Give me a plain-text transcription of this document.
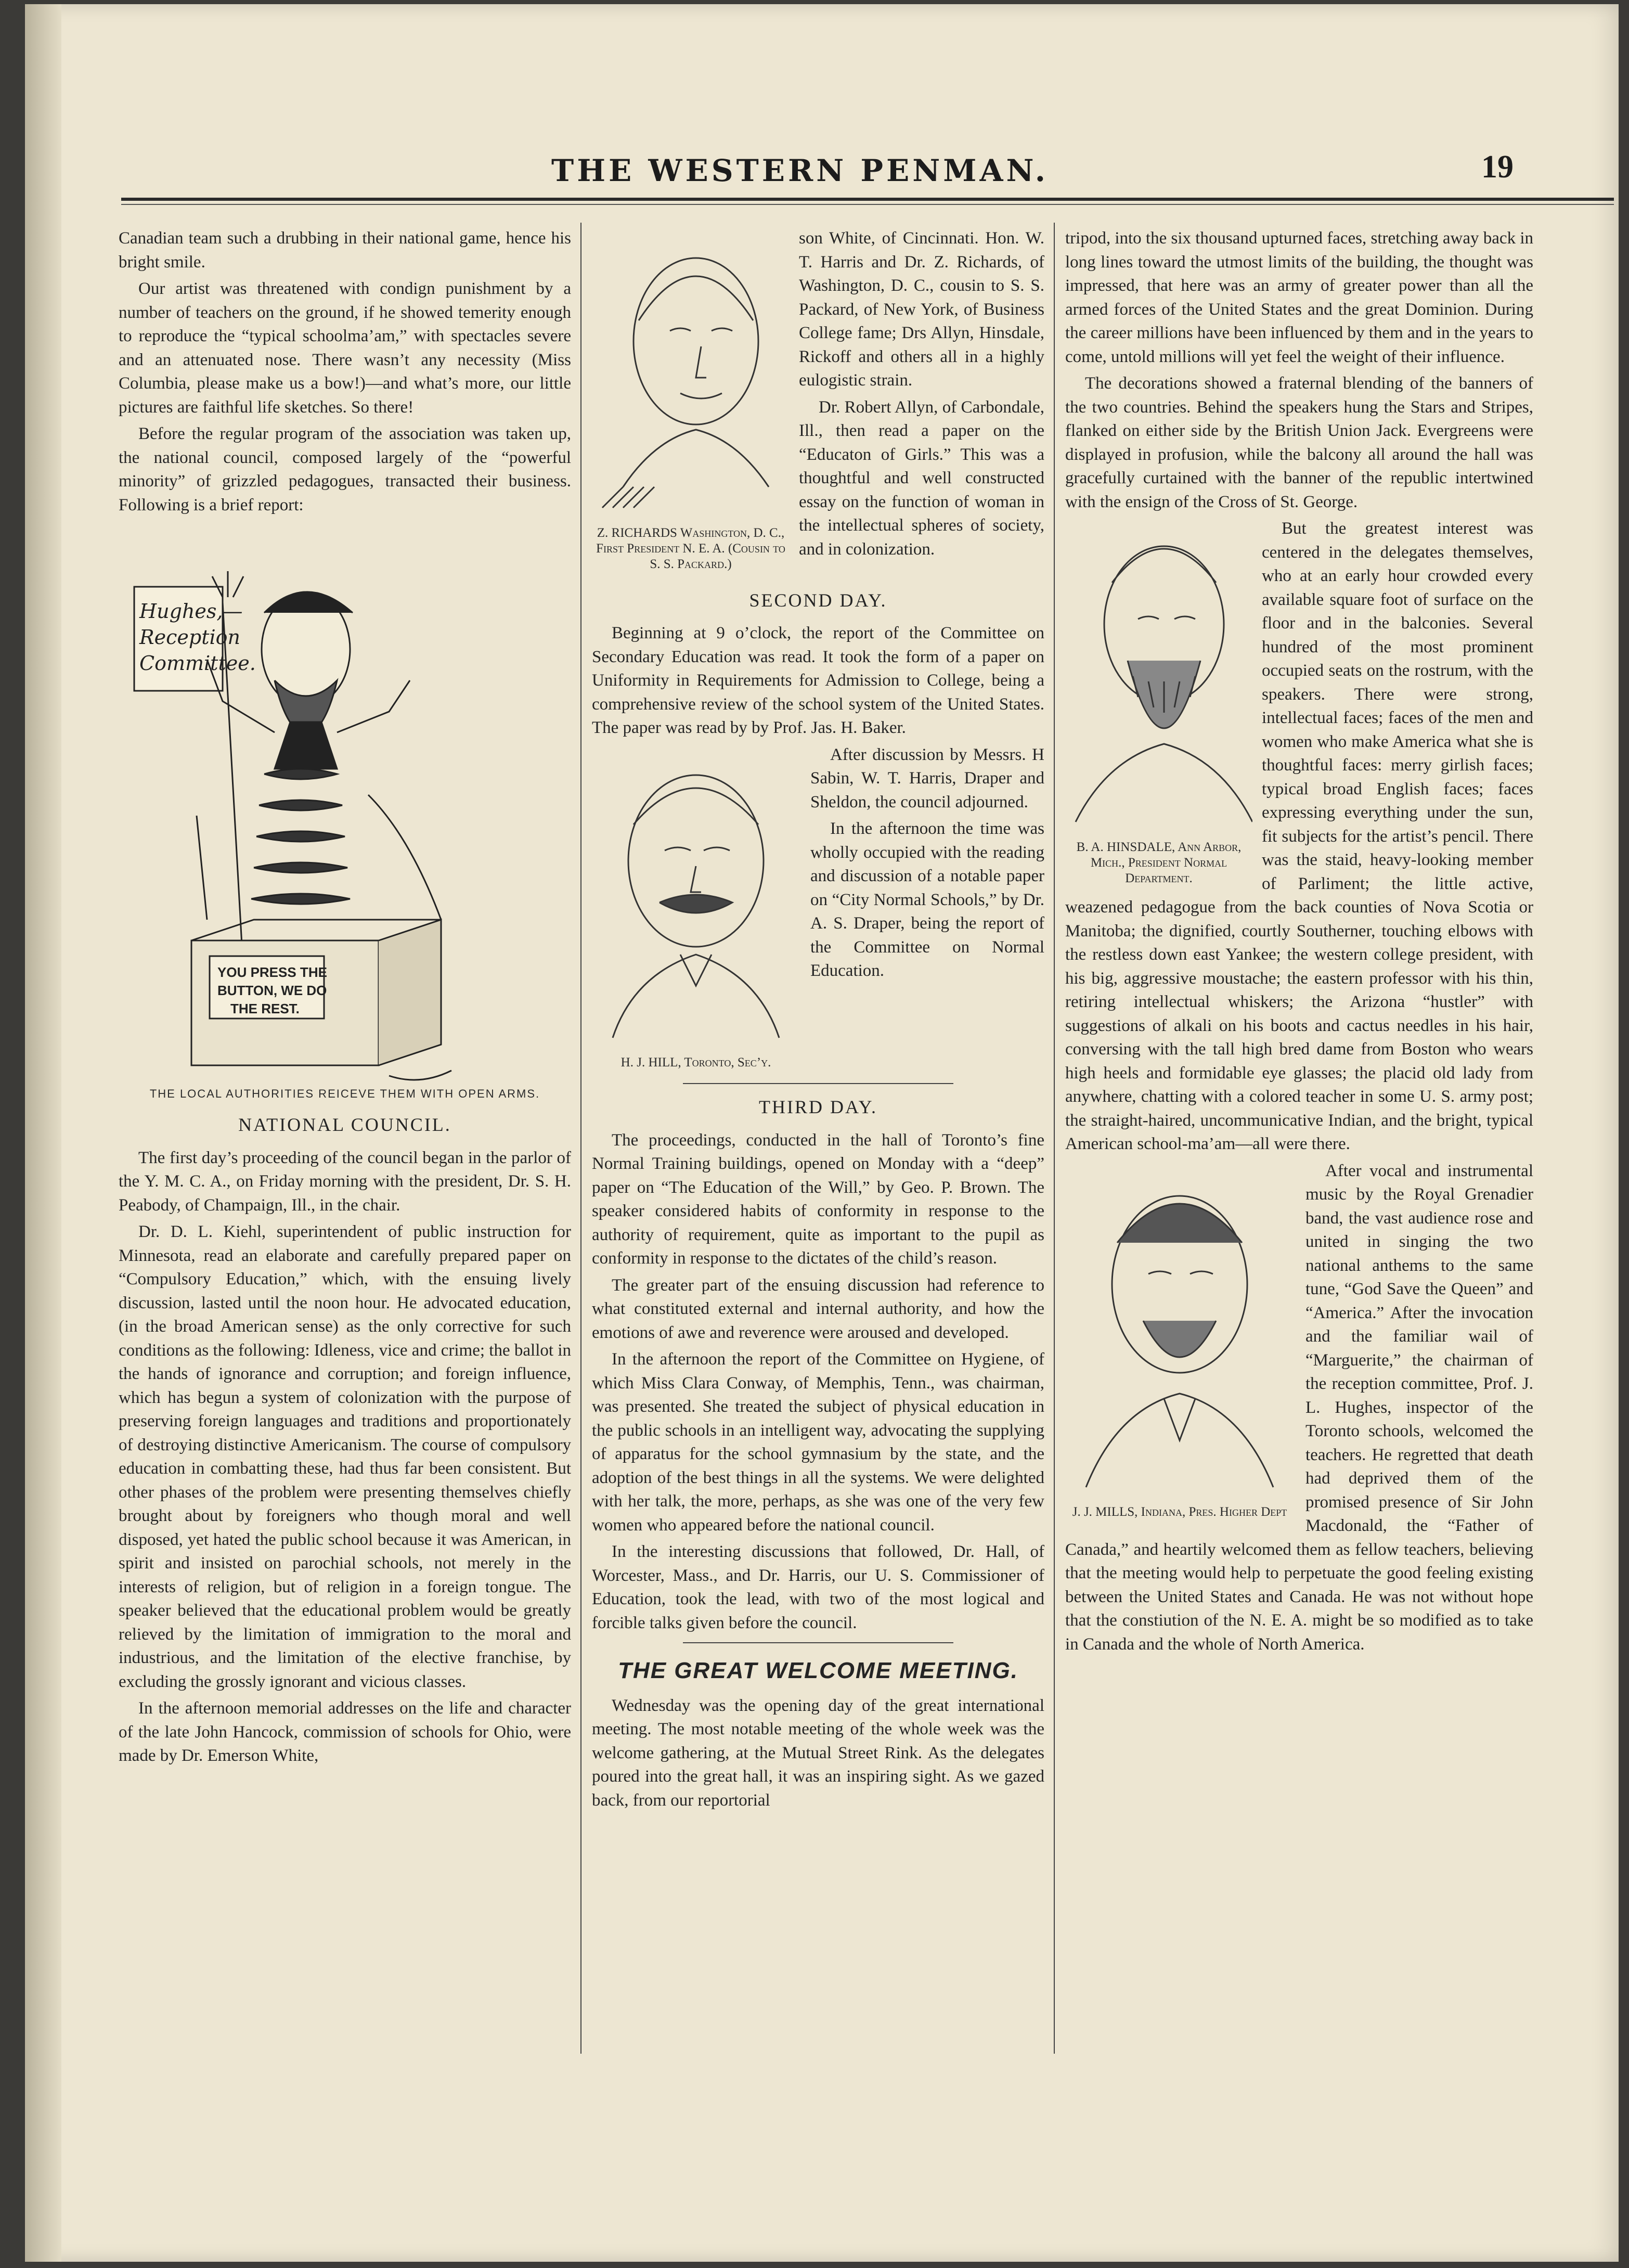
THE WESTERN PENMAN.	19

Canadian team such a drubbing in their national game, hence his bright smile.

Our artist was threatened with condign punishment by a number of teachers on the ground, if he showed temerity enough to reproduce the “typical schoolma’am,” with spectacles severe and an attenuated nose. There wasn’t any necessity (Miss Columbia, please make us a bow!)—and what’s more, our little pictures are faithful life sketches. So there!

Before the regular program of the association was taken up, the national council, composed largely of the “powerful minority” of grizzled pedagogues, transacted their business. Following is a brief report:

Hughes,—
Reception
Committee.
YOU PRESS THE
BUTTON, WE DO
THE REST.
THE LOCAL AUTHORITIES REICEVE THEM WITH OPEN ARMS.
NATIONAL COUNCIL.

The first day’s proceeding of the council began in the parlor of the Y. M. C. A., on Friday morning with the president, Dr. S. H. Peabody, of Champaign, Ill., in the chair.

Dr. D. L. Kiehl, superintendent of public instruction for Minnesota, read an elaborate and carefully prepared paper on “Compulsory Education,” which, with the ensuing lively discussion, lasted until the noon hour. He advocated education, (in the broad American sense) as the only corrective for such conditions as the following: Idleness, vice and crime; the ballot in the hands of ignorance and corruption; and foreign influence, which has begun a system of colonization with the purpose of preserving foreign languages and traditions and proportionately of destroying distinctive Americanism. The course of compulsory education in combatting these, had thus far been consistent. But other phases of the problem were presenting themselves chiefly brought about by foreigners who though moral and well disposed, yet hated the public school because it was American, in spirit and insisted on parochial schools, not merely in the interests of religion, but of religion in a foreign tongue. The speaker believed that the educational problem would be greatly relieved by the limitation of immigration to the moral and industrious, and the limitation of the elective franchise, by excluding the grossly ignorant and vicious classes.

In the afternoon memorial addresses on the life and character of the late John Hancock, commission of schools for Ohio, were made by Dr. Emerson White,

Z. RICHARDS Washington, D. C., First President N. E. A. (Cousin to S. S. Packard.)

son White, of Cincinnati. Hon. W. T. Harris and Dr. Z. Richards, of Washington, D. C., cousin to S. S. Packard, of New York, of Business College fame; Drs Allyn, Hinsdale, Rickoff and others all in a highly eulogistic strain.

Dr. Robert Allyn, of Carbondale, Ill., then read a paper on the “Educaton of Girls.” This was a thoughtful and well constructed essay on the function of woman in the intellectual spheres of society, and in colonization.

SECOND DAY.

Beginning at 9 o’clock, the report of the Committee on Secondary Education was read. It took the form of a paper on Uniformity in Requirements for Admission to College, being a comprehensive review of the school system of the United States. The paper was read by by Prof. Jas. H. Baker.

H. J. HILL, Toronto, Sec’y.

After discussion by Messrs. H Sabin, W. T. Harris, Draper and Sheldon, the council adjourned.

In the afternoon the time was wholly occupied with the reading and discussion of a notable paper on “City Normal Schools,” by Dr. A. S. Draper, being the report of the Committee on Normal Education.

THIRD DAY.

The proceedings, conducted in the hall of Toronto’s fine Normal Training buildings, opened on Monday with a “deep” paper on “The Education of the Will,” by Geo. P. Brown. The speaker considered habits of conformity in response to the authority of requirement, quite as important to the pupil as conformity in response to the dictates of the child’s reason.

The greater part of the ensuing discussion had reference to what constituted external and internal authority, and how the emotions of awe and reverence were aroused and developed.

In the afternoon the report of the Committee on Hygiene, of which Miss Clara Conway, of Memphis, Tenn., was chairman, was presented. She treated the subject of physical education in the public schools in an intelligent way, advocating the supplying of apparatus for the school gymnasium by the state, and the adoption of the best things in all the systems. We were delighted with her talk, the more, perhaps, as she was one of the very few women who appeared before the national council.

In the interesting discussions that followed, Dr. Hall, of Worcester, Mass., and Dr. Harris, our U. S. Commissioner of Education, took the lead, with two of the most logical and forcible talks given before the council.

THE GREAT WELCOME MEETING.

Wednesday was the opening day of the great international meeting. The most notable meeting of the whole week was the welcome gathering, at the Mutual Street Rink. As the delegates poured into the great hall, it was an inspiring sight. As we gazed back, from our reportorial

tripod, into the six thousand upturned faces, stretching away back in long lines toward the utmost limits of the building, the thought was impressed, that here was an army of greater power than all the armed forces of the United States and the great Dominion. During the career millions have been influenced by them and in the years to come, untold millions will yet feel the weight of their influence.

The decorations showed a fraternal blending of the banners of the two countries. Behind the speakers hung the Stars and Stripes, flanked on either side by the British Union Jack. Evergreens were displayed in profusion, while the balcony all around the hall was gracefully curtained with the banner of the republic intertwined with the ensign of the Cross of St. George.

B. A. HINSDALE, Ann Arbor, Mich., President Normal Department.

But the greatest interest was centered in the delegates themselves, who at an early hour crowded every available square foot of surface on the floor and in the balconies. Several hundred of the most prominent occupied seats on the rostrum, with the speakers. There were strong, intellectual faces; faces of the men and women who make America what she is thoughtful faces: merry girlish faces; typical broad English faces; faces expressing everything under the sun, fit subjects for the artist’s pencil. There was the staid, heavy-looking member of Parliment; the little active, weazened pedagogue from the back counties of Nova Scotia or Manitoba; the dignified, courtly Southerner, touching elbows with the restless down east Yankee; the western college president, with his big, aggressive moustache; the eastern professor with his thin, retiring intellectual whiskers; the Arizona “hustler” with suggestions of alkali on his boots and cactus needles in his hair, conversing with the tall high bred dame from Boston who wears high heels and formidable eye glasses; the placid old lady from anywhere, chatting with a colored teacher in some U. S. army post; the straight-haired, uncommunicative Indian, and the bright, typical American school-ma’am—all were there.

J. J. MILLS, Indiana, Pres. Higher Dept

After vocal and instrumental music by the Royal Grenadier band, the vast audience rose and united in singing the two national anthems to the same tune, “God Save the Queen” and “America.” After the invocation and the familiar wail of “Marguerite,” the chairman of the reception committee, Prof. J. L. Hughes, inspector of the Toronto schools, welcomed the teachers. He regretted that death had deprived them of the promised presence of Sir John Macdonald, the “Father of Canada,” and heartily welcomed them as fellow teachers, believing that the meeting would help to perpetuate the good feeling existing between the United States and Canada. He was not without hope that the constiution of the N. E. A. might be so modified as to take in Canada and the whole of North America.
